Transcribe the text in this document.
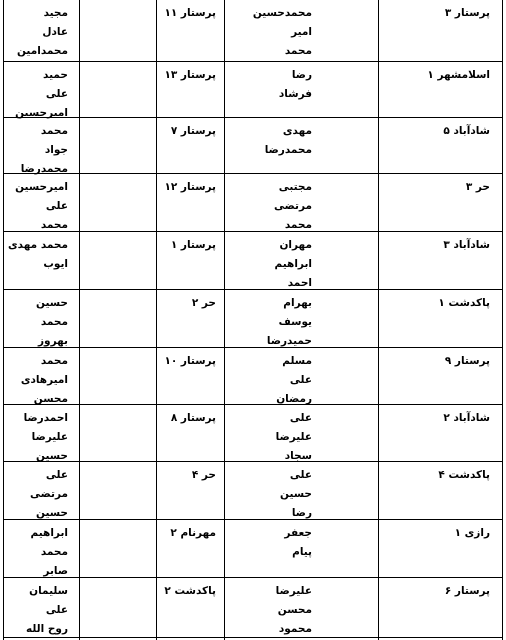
پرستار ۳
محمدحسین
امیر
محمد
پرستار ۱۱
مجید
عادل
محمدامین
اسلامشهر ۱
رضا
فرشاد
پرستار ۱۳
حمید
علی
امیرحسین
شادآباد ۵
مهدی
محمدرضا
پرستار ۷
محمد
جواد
محمدرضا
حر ۳
مجتبی
مرتضی
محمد
پرستار ۱۲
امیرحسین
علی
محمد
شادآباد ۳
مهران
ابراهیم
احمد
پرستار ۱
محمد مهدی
ایوب
پاکدشت ۱
بهرام
یوسف
حمیدرضا
حر ۲
حسین
محمد
بهروز
پرستار ۹
مسلم
علی
رمضان
پرستار ۱۰
محمد
امیرهادی
محسن
شادآباد ۲
علی
علیرضا
سجاد
پرستار ۸
احمدرضا
علیرضا
حسین
پاکدشت ۴
علی
حسین
رضا
حر ۴
علی
مرتضی
حسین
رازی ۱
جعفر
پیام
مهرنام ۲
ابراهیم
محمد
صابر
پرستار ۶
علیرضا
محسن
محمود
پاکدشت ۲
سلیمان
علی
روح الله
